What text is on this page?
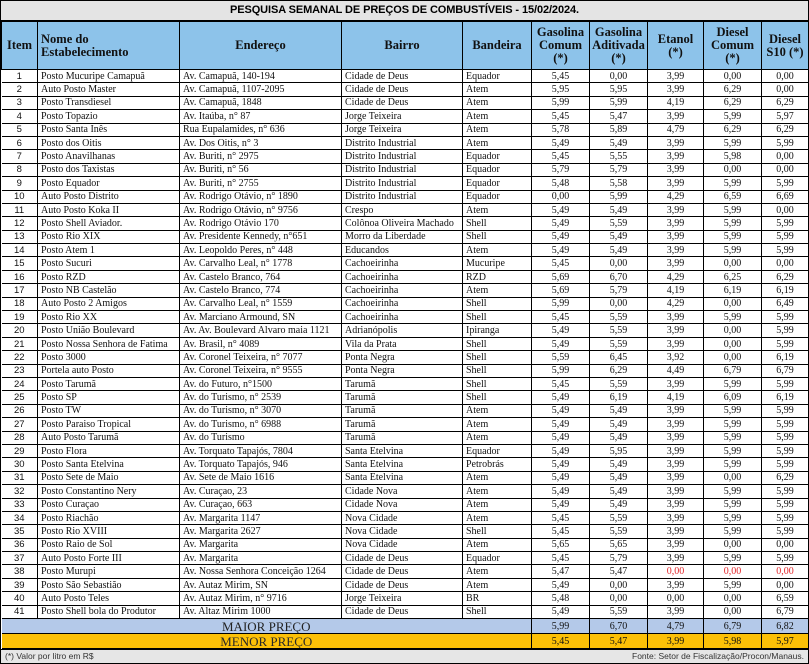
PESQUISA SEMANAL DE PREÇOS DE COMBUSTÍVEIS - 15/02/2024.
Item	Nome do Estabelecimento	Endereço	Bairro	Bandeira	Gasolina Comum (*)	Gasolina Aditivada (*)	Etanol (*)	Diesel Comum (*)	Diesel S10 (*)
1	Posto Mucuripe Camapuã	Av. Camapuã, 140-194	Cidade de Deus	Equador	5,45	0,00	3,99	0,00	0,00
2	Auto Posto Master	Av. Camapuã, 1107-2095	Cidade de Deus	Atem	5,95	5,95	3,99	6,29	0,00
3	Posto Transdiesel	Av. Camapuã, 1848	Cidade de Deus	Atem	5,99	5,99	4,19	6,29	6,29
4	Posto Topazio	Av. Itaúba, n° 87	Jorge Teixeira	Atem	5,45	5,47	3,99	5,99	5,97
5	Posto Santa Inês	Rua Eupalamides, n° 636	Jorge Teixeira	Atem	5,78	5,89	4,79	6,29	6,29
6	Posto dos Oitis	Av. Dos Oitis, n° 3	Distrito Industrial	Atem	5,49	5,49	3,99	5,99	5,99
7	Posto Anavilhanas	Av. Buriti, n° 2975	Distrito Industrial	Equador	5,45	5,55	3,99	5,98	0,00
8	Posto dos Taxistas	Av. Buriti, n° 56	Distrito Industrial	Equador	5,79	5,79	3,99	0,00	0,00
9	Posto Equador	Av. Buriti, n° 2755	Distrito Industrial	Equador	5,48	5,58	3,99	5,99	5,99
10	Auto Posto Distrito	Av. Rodrigo Otávio, n° 1890	Distrito Industrial	Equador	0,00	5,99	4,29	6,59	6,69
11	Auto Posto Koka II	Av. Rodrigo Otávio, n° 9756	Crespo	Atem	5,49	5,49	3,99	5,99	0,00
12	Posto Shell Aviador.	Av. Rodrigo Otávio 170	Colônoa Oliveira Machado	Shell	5,49	5,59	3,99	5,99	5,99
13	Posto Rio XIX	Av. Presidente Kennedy, n°651	Morro da Liberdade	Shell	5,49	5,49	3,99	5,99	5,99
14	Posto Atem 1	Av. Leopoldo Peres, n° 448	Educandos	Atem	5,49	5,49	3,99	5,99	5,99
15	Posto Sucuri	Av. Carvalho Leal, n° 1778	Cachoeirinha	Mucuripe	5,45	0,00	3,99	0,00	0,00
16	Posto RZD	Av. Castelo Branco, 764	Cachoeirinha	RZD	5,69	6,70	4,29	6,25	6,29
17	Posto NB Castelão	Av. Castelo Branco, 774	Cachoeirinha	Atem	5,69	5,79	4,19	6,19	6,19
18	Auto Posto 2 Amigos	Av. Carvalho Leal, n° 1559	Cachoeirinha	Shell	5,99	0,00	4,29	0,00	6,49
19	Posto Rio XX	Av. Marciano Armound, SN	Cachoeirinha	Shell	5,45	5,59	3,99	5,99	5,99
20	Posto União Boulevard	Av. Av. Boulevard Alvaro maia 1121	Adrianópolis	Ipiranga	5,49	5,59	3,99	0,00	5,99
21	Posto Nossa Senhora de Fatima	Av. Brasil, n° 4089	Vila da Prata	Shell	5,49	5,59	3,99	0,00	5,99
22	Posto 3000	Av. Coronel Teixeira, n° 7077	Ponta Negra	Shell	5,59	6,45	3,92	0,00	6,19
23	Portela auto Posto	Av. Coronel Teixeira, n° 9555	Ponta Negra	Shell	5,99	6,29	4,49	6,79	6,79
24	Posto Tarumã	Av. do Futuro, n°1500	Tarumã	Shell	5,45	5,59	3,99	5,99	5,99
25	Posto SP	Av. do Turismo, n° 2539	Tarumã	Shell	5,49	6,19	4,19	6,09	6,19
26	Posto TW	Av. do Turismo, n° 3070	Tarumã	Atem	5,49	5,49	3,99	5,99	5,99
27	Posto Paraiso Tropical	Av. do Turismo, n° 6988	Tarumã	Atem	5,49	5,49	3,99	5,99	5,99
28	Auto Posto Tarumã	Av. do Turismo	Tarumã	Atem	5,49	5,49	3,99	5,99	5,99
29	Posto Flora	Av. Torquato Tapajós, 7804	Santa Etelvina	Equador	5,49	5,95	3,99	5,99	5,99
30	Posto Santa Etelvina	Av. Torquato Tapajós, 946	Santa Etelvina	Petrobrás	5,49	5,49	3,99	5,99	5,99
31	Posto Sete de Maio	Av. Sete de Maio 1616	Santa Etelvina	Atem	5,49	5,49	3,99	0,00	6,29
32	Posto Constantino Nery	Av. Curaçao, 23	Cidade Nova	Atem	5,49	5,49	3,99	5,99	5,99
33	Posto Curaçao	Av. Curaçao, 663	Cidade Nova	Atem	5,49	5,49	3,99	5,99	5,99
34	Posto Riachão	Av. Margarita 1147	Nova Cidade	Atem	5,45	5,59	3,99	5,99	5,99
35	Posto Rio XVIII	Av. Margarita 2627	Nova Cidade	Shell	5,45	5,59	3,99	5,99	5,99
36	Posto Raio de Sol	Av. Margarita	Nova Cidade	Atem	5,65	5,65	3,99	0,00	0,00
37	Auto Posto Forte III	Av. Margarita	Cidade de Deus	Equador	5,45	5,79	3,99	5,99	5,99
38	Posto Murupi	Av. Nossa Senhora Conceição 1264	Cidade de Deus	Atem	5,47	5,47	0,00	0,00	0,00
39	Posto São Sebastião	Av. Autaz Mirim, SN	Cidade de Deus	Atem	5,49	0,00	3,99	5,99	0,00
40	Auto Posto Teles	Av. Autaz Mirim, n° 9716	Jorge Teixeira	BR	5,48	0,00	0,00	0,00	6,59
41	Posto Shell bola do Produtor	Av. Altaz Mirim 1000	Cidade de Deus	Shell	5,49	5,59	3,99	0,00	6,79
MAIOR PREÇO					5,99	6,70	4,79	6,79	6,82
MENOR PREÇO					5,45	5,47	3,99	5,98	5,97
(*) Valor por litro em R$	Fonte: Setor de Fiscalização/Procon/Manaus.
